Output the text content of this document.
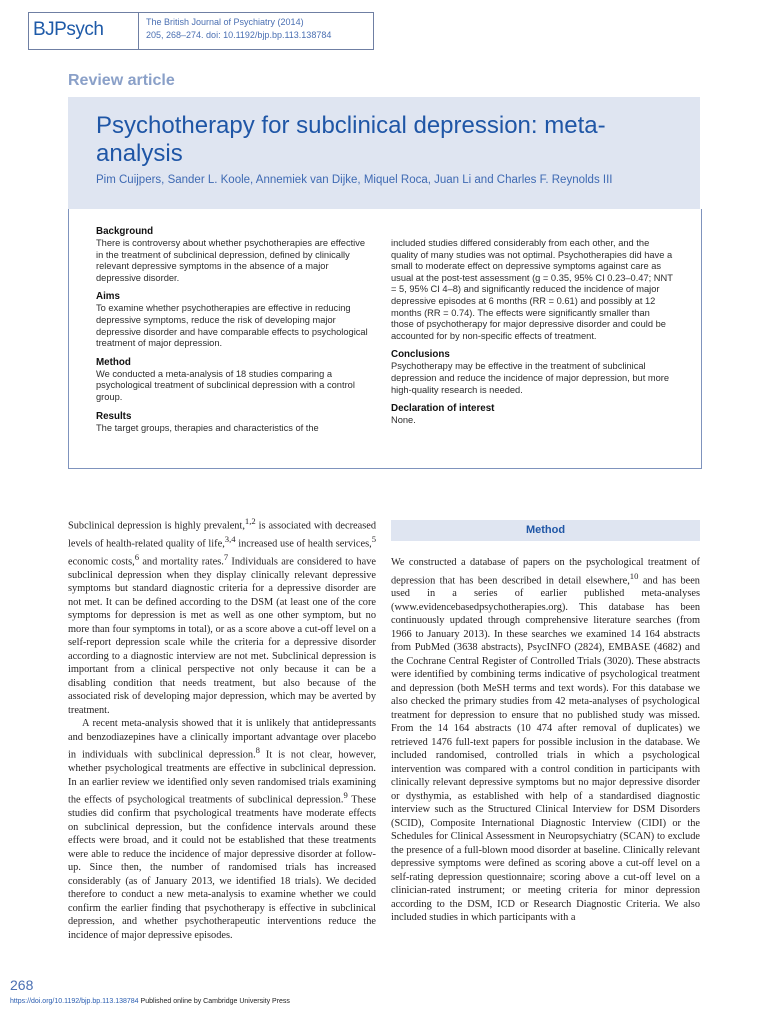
BJPsych	The British Journal of Psychiatry (2014)
205, 268–274. doi: 10.1192/bjp.bp.113.138784
Review article
Psychotherapy for subclinical depression: meta-analysis
Pim Cuijpers, Sander L. Koole, Annemiek van Dijke, Miquel Roca, Juan Li and Charles F. Reynolds III
Background

There is controversy about whether psychotherapies are effective in the treatment of subclinical depression, defined by clinically relevant depressive symptoms in the absence of a major depressive disorder.

Aims

To examine whether psychotherapies are effective in reducing depressive symptoms, reduce the risk of developing major depressive disorder and have comparable effects to psychological treatment of major depression.

Method

We conducted a meta-analysis of 18 studies comparing a psychological treatment of subclinical depression with a control group.

Results

The target groups, therapies and characteristics of the

included studies differed considerably from each other, and the quality of many studies was not optimal. Psychotherapies did have a small to moderate effect on depressive symptoms against care as usual at the post-test assessment (g = 0.35, 95% CI 0.23–0.47; NNT = 5, 95% CI 4–8) and significantly reduced the incidence of major depressive episodes at 6 months (RR = 0.61) and possibly at 12 months (RR = 0.74). The effects were significantly smaller than those of psychotherapy for major depressive disorder and could be accounted for by non-specific effects of treatment.

Conclusions

Psychotherapy may be effective in the treatment of subclinical depression and reduce the incidence of major depression, but more high-quality research is needed.

Declaration of interest

None.

Subclinical depression is highly prevalent,$^{1,2}$ is associated with decreased levels of health-related quality of life,$^{3,4}$ increased use of health services,$^5$ economic costs,$^6$ and mortality rates.$^7$ Individuals are considered to have subclinical depression when they display clinically relevant depressive symptoms but standard diagnostic criteria for a depressive disorder are not met. It can be defined according to the DSM (at least one of the core symptoms for depression is met as well as one other symptom, but no more than four symptoms in total), or as a score above a cut-off level on a self-report depression scale while the criteria for a depressive disorder according to a diagnostic interview are not met. Subclinical depression is important from a clinical perspective not only because it can be a disabling condition that needs treatment, but also because of the associated risk of developing major depression, which may be averted by treatment.

A recent meta-analysis showed that it is unlikely that antidepressants and benzodiazepines have a clinically important advantage over placebo in individuals with subclinical depression.$^8$ It is not clear, however, whether psychological treatments are effective in subclinical depression. In an earlier review we identified only seven randomised trials examining the effects of psychological treatments of subclinical depression.$^9$ These studies did confirm that psychological treatments have moderate effects on subclinical depression, but the confidence intervals around these effects were broad, and it could not be established that these treatments were able to reduce the incidence of major depressive disorder at follow-up. Since then, the number of randomised trials has increased considerably (as of January 2013, we identified 18 trials). We decided therefore to conduct a new meta-analysis to examine whether we could confirm the earlier finding that psychotherapy is effective in subclinical depression, and whether psychotherapeutic interventions reduce the incidence of major depressive episodes.

Method

We constructed a database of papers on the psychological treatment of depression that has been described in detail elsewhere,$^{10}$ and has been used in a series of earlier published meta-analyses (www.evidencebasedpsychotherapies.org). This database has been continuously updated through comprehensive literature searches (from 1966 to January 2013). In these searches we examined 14 164 abstracts from PubMed (3638 abstracts), PsycINFO (2824), EMBASE (4682) and the Cochrane Central Register of Controlled Trials (3020). These abstracts were identified by combining terms indicative of psychological treatment and depression (both MeSH terms and text words). For this database we also checked the primary studies from 42 meta-analyses of psychological treatment for depression to ensure that no published study was missed. From the 14 164 abstracts (10 474 after removal of duplicates) we retrieved 1476 full-text papers for possible inclusion in the database. We included randomised, controlled trials in which a psychological intervention was compared with a control condition in participants with clinically relevant depressive symptoms but no major depressive disorder or dysthymia, as established with help of a standardised diagnostic interview such as the Structured Clinical Interview for DSM Disorders (SCID), Composite International Diagnostic Interview (CIDI) or the Schedules for Clinical Assessment in Neuropsychiatry (SCAN) to exclude the presence of a full-blown mood disorder at baseline. Clinically relevant depressive symptoms were defined as scoring above a cut-off level on a self-rating depression questionnaire; scoring above a cut-off level on a clinician-rated instrument; or meeting criteria for minor depression according to the DSM, ICD or Research Diagnostic Criteria. We also included studies in which participants with a

268
https://doi.org/10.1192/bjp.bp.113.138784 Published online by Cambridge University Press
